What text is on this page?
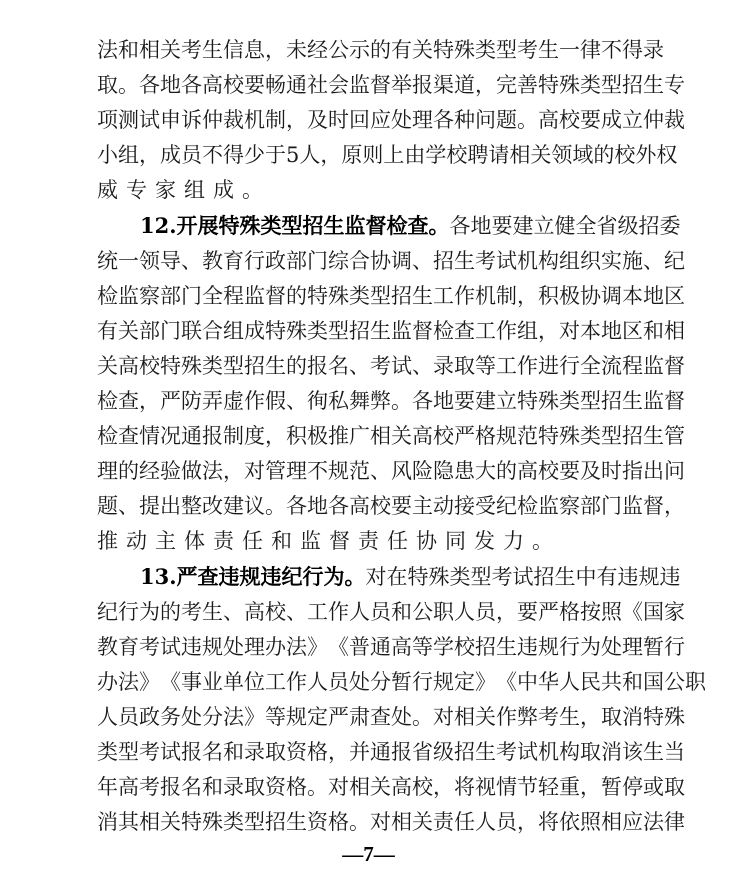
法 和 相 关 考 生 信 息 ， 未 经 公 示 的 有 关 特 殊 类 型 考 生 一 律 不 得 录
取 。 各 地 各 高 校 要 畅 通 社 会 监 督 举 报 渠 道 ， 完 善 特 殊 类 型 招 生 专
项 测 试 申 诉 仲 裁 机 制 ， 及 时 回 应 处 理 各 种 问 题 。 高 校 要 成 立 仲 裁
小 组 ， 成 员 不 得 少 于 5 人 ， 原 则 上 由 学 校 聘 请 相 关 领 域 的 校 外 权
威 专 家 组 成 。
12. 开 展 特 殊 类 型 招 生 监 督 检 查 。 各 地 要 建 立 健 全 省 级 招 委
统 一 领 导 、 教 育 行 政 部 门 综 合 协 调 、 招 生 考 试 机 构 组 织 实 施 、 纪
检 监 察 部 门 全 程 监 督 的 特 殊 类 型 招 生 工 作 机 制 ， 积 极 协 调 本 地 区
有 关 部 门 联 合 组 成 特 殊 类 型 招 生 监 督 检 查 工 作 组 ， 对 本 地 区 和 相
关 高 校 特 殊 类 型 招 生 的 报 名 、 考 试 、 录 取 等 工 作 进 行 全 流 程 监 督
检 查 ， 严 防 弄 虚 作 假 、 徇 私 舞 弊 。 各 地 要 建 立 特 殊 类 型 招 生 监 督
检 查 情 况 通 报 制 度 ， 积 极 推 广 相 关 高 校 严 格 规 范 特 殊 类 型 招 生 管
理 的 经 验 做 法 ， 对 管 理 不 规 范 、 风 险 隐 患 大 的 高 校 要 及 时 指 出 问
题 、 提 出 整 改 建 议 。 各 地 各 高 校 要 主 动 接 受 纪 检 监 察 部 门 监 督 ，
推 动 主 体 责 任 和 监 督 责 任 协 同 发 力 。
13. 严 查 违 规 违 纪 行 为 。 对 在 特 殊 类 型 考 试 招 生 中 有 违 规 违
纪 行 为 的 考 生 、 高 校 、 工 作 人 员 和 公 职 人 员 ， 要 严 格 按 照 《 国 家
教 育 考 试 违 规 处 理 办 法 》 《 普 通 高 等 学 校 招 生 违 规 行 为 处 理 暂 行
办 法 》 《 事 业 单 位 工 作 人 员 处 分 暂 行 规 定 》 《 中 华 人 民 共 和 国 公 职
人 员 政 务 处 分 法 》 等 规 定 严 肃 查 处 。 对 相 关 作 弊 考 生 ， 取 消 特 殊
类 型 考 试 报 名 和 录 取 资 格 ， 并 通 报 省 级 招 生 考 试 机 构 取 消 该 生 当
年 高 考 报 名 和 录 取 资 格 。 对 相 关 高 校 ， 将 视 情 节 轻 重 ， 暂 停 或 取
消 其 相 关 特 殊 类 型 招 生 资 格 。 对 相 关 责 任 人 员 ， 将 依 照 相 应 法 律
—7—
